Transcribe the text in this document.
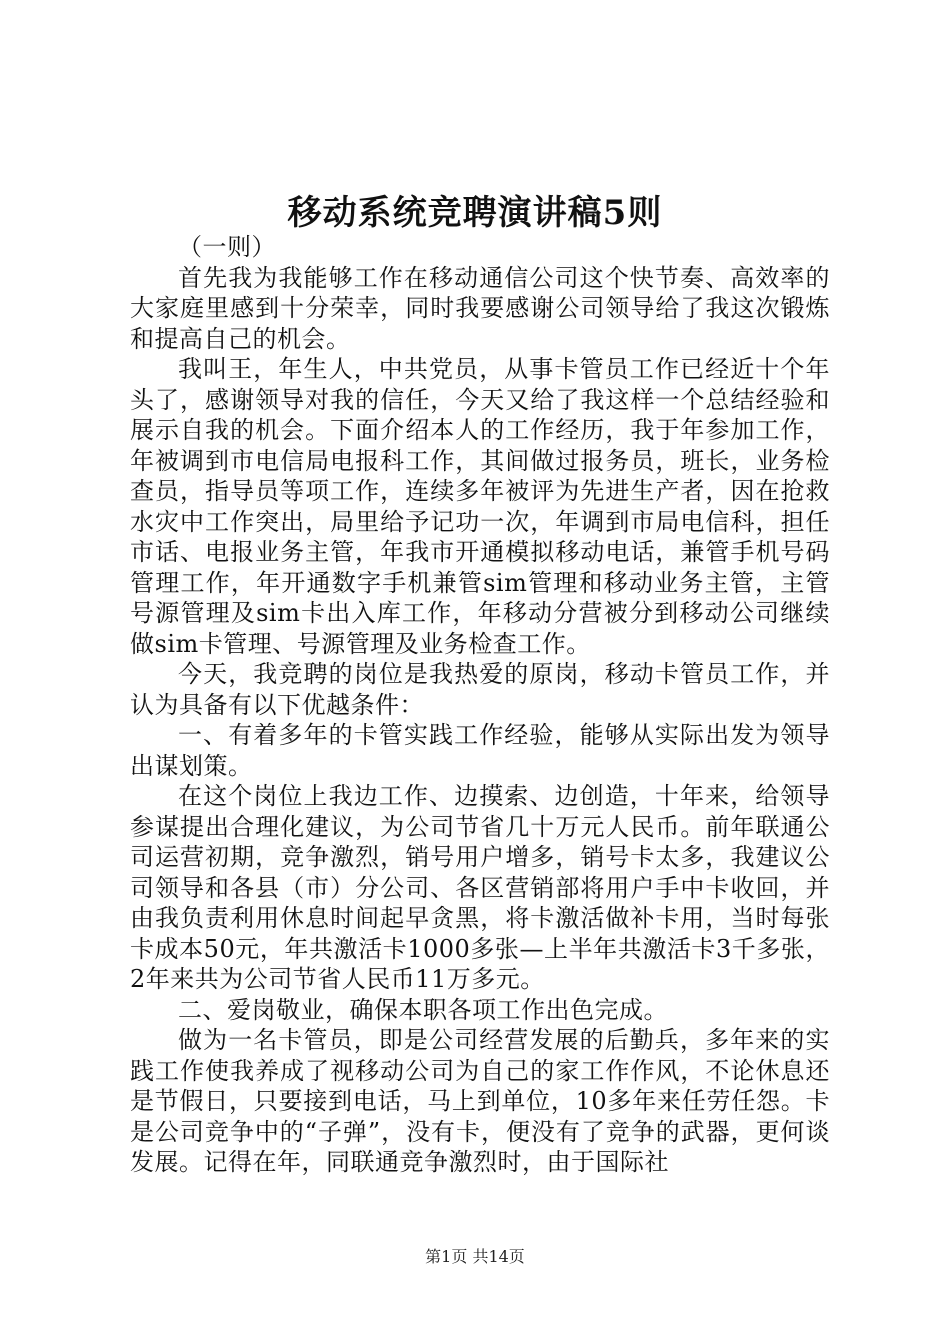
移动系统竞聘演讲稿5则

（一则）

首先我为我能够工作在移动通信公司这个快节奏、高效率的大家庭里感到十分荣幸，同时我要感谢公司领导给了我这次锻炼和提高自己的机会。

我叫王，年生人，中共党员，从事卡管员工作已经近十个年头了，感谢领导对我的信任，今天又给了我这样一个总结经验和展示自我的机会。下面介绍本人的工作经历，我于年参加工作，年被调到市电信局电报科工作，其间做过报务员，班长，业务检查员，指导员等项工作，连续多年被评为先进生产者，因在抢救水灾中工作突出，局里给予记功一次，年调到市局电信科，担任市话、电报业务主管，年我市开通模拟移动电话，兼管手机号码管理工作，年开通数字手机兼管sim管理和移动业务主管，主管号源管理及sim卡出入库工作，年移动分营被分到移动公司继续做sim卡管理、号源管理及业务检查工作。

今天，我竞聘的岗位是我热爱的原岗，移动卡管员工作，并认为具备有以下优越条件：

一、有着多年的卡管实践工作经验，能够从实际出发为领导出谋划策。

在这个岗位上我边工作、边摸索、边创造，十年来，给领导参谋提出合理化建议，为公司节省几十万元人民币。前年联通公司运营初期，竞争激烈，销号用户增多，销号卡太多，我建议公司领导和各县（市）分公司、各区营销部将用户手中卡收回，并由我负责利用休息时间起早贪黑，将卡激活做补卡用，当时每张卡成本50元，年共激活卡1000多张—上半年共激活卡3千多张，2年来共为公司节省人民币11万多元。

二、爱岗敬业，确保本职各项工作出色完成。

做为一名卡管员，即是公司经营发展的后勤兵，多年来的实践工作使我养成了视移动公司为自己的家工作作风，不论休息还是节假日，只要接到电话，马上到单位，10多年来任劳任怨。卡是公司竞争中的“子弹”，没有卡，便没有了竞争的武器，更何谈发展。记得在年，同联通竞争激烈时，由于国际社

第1页 共14页
